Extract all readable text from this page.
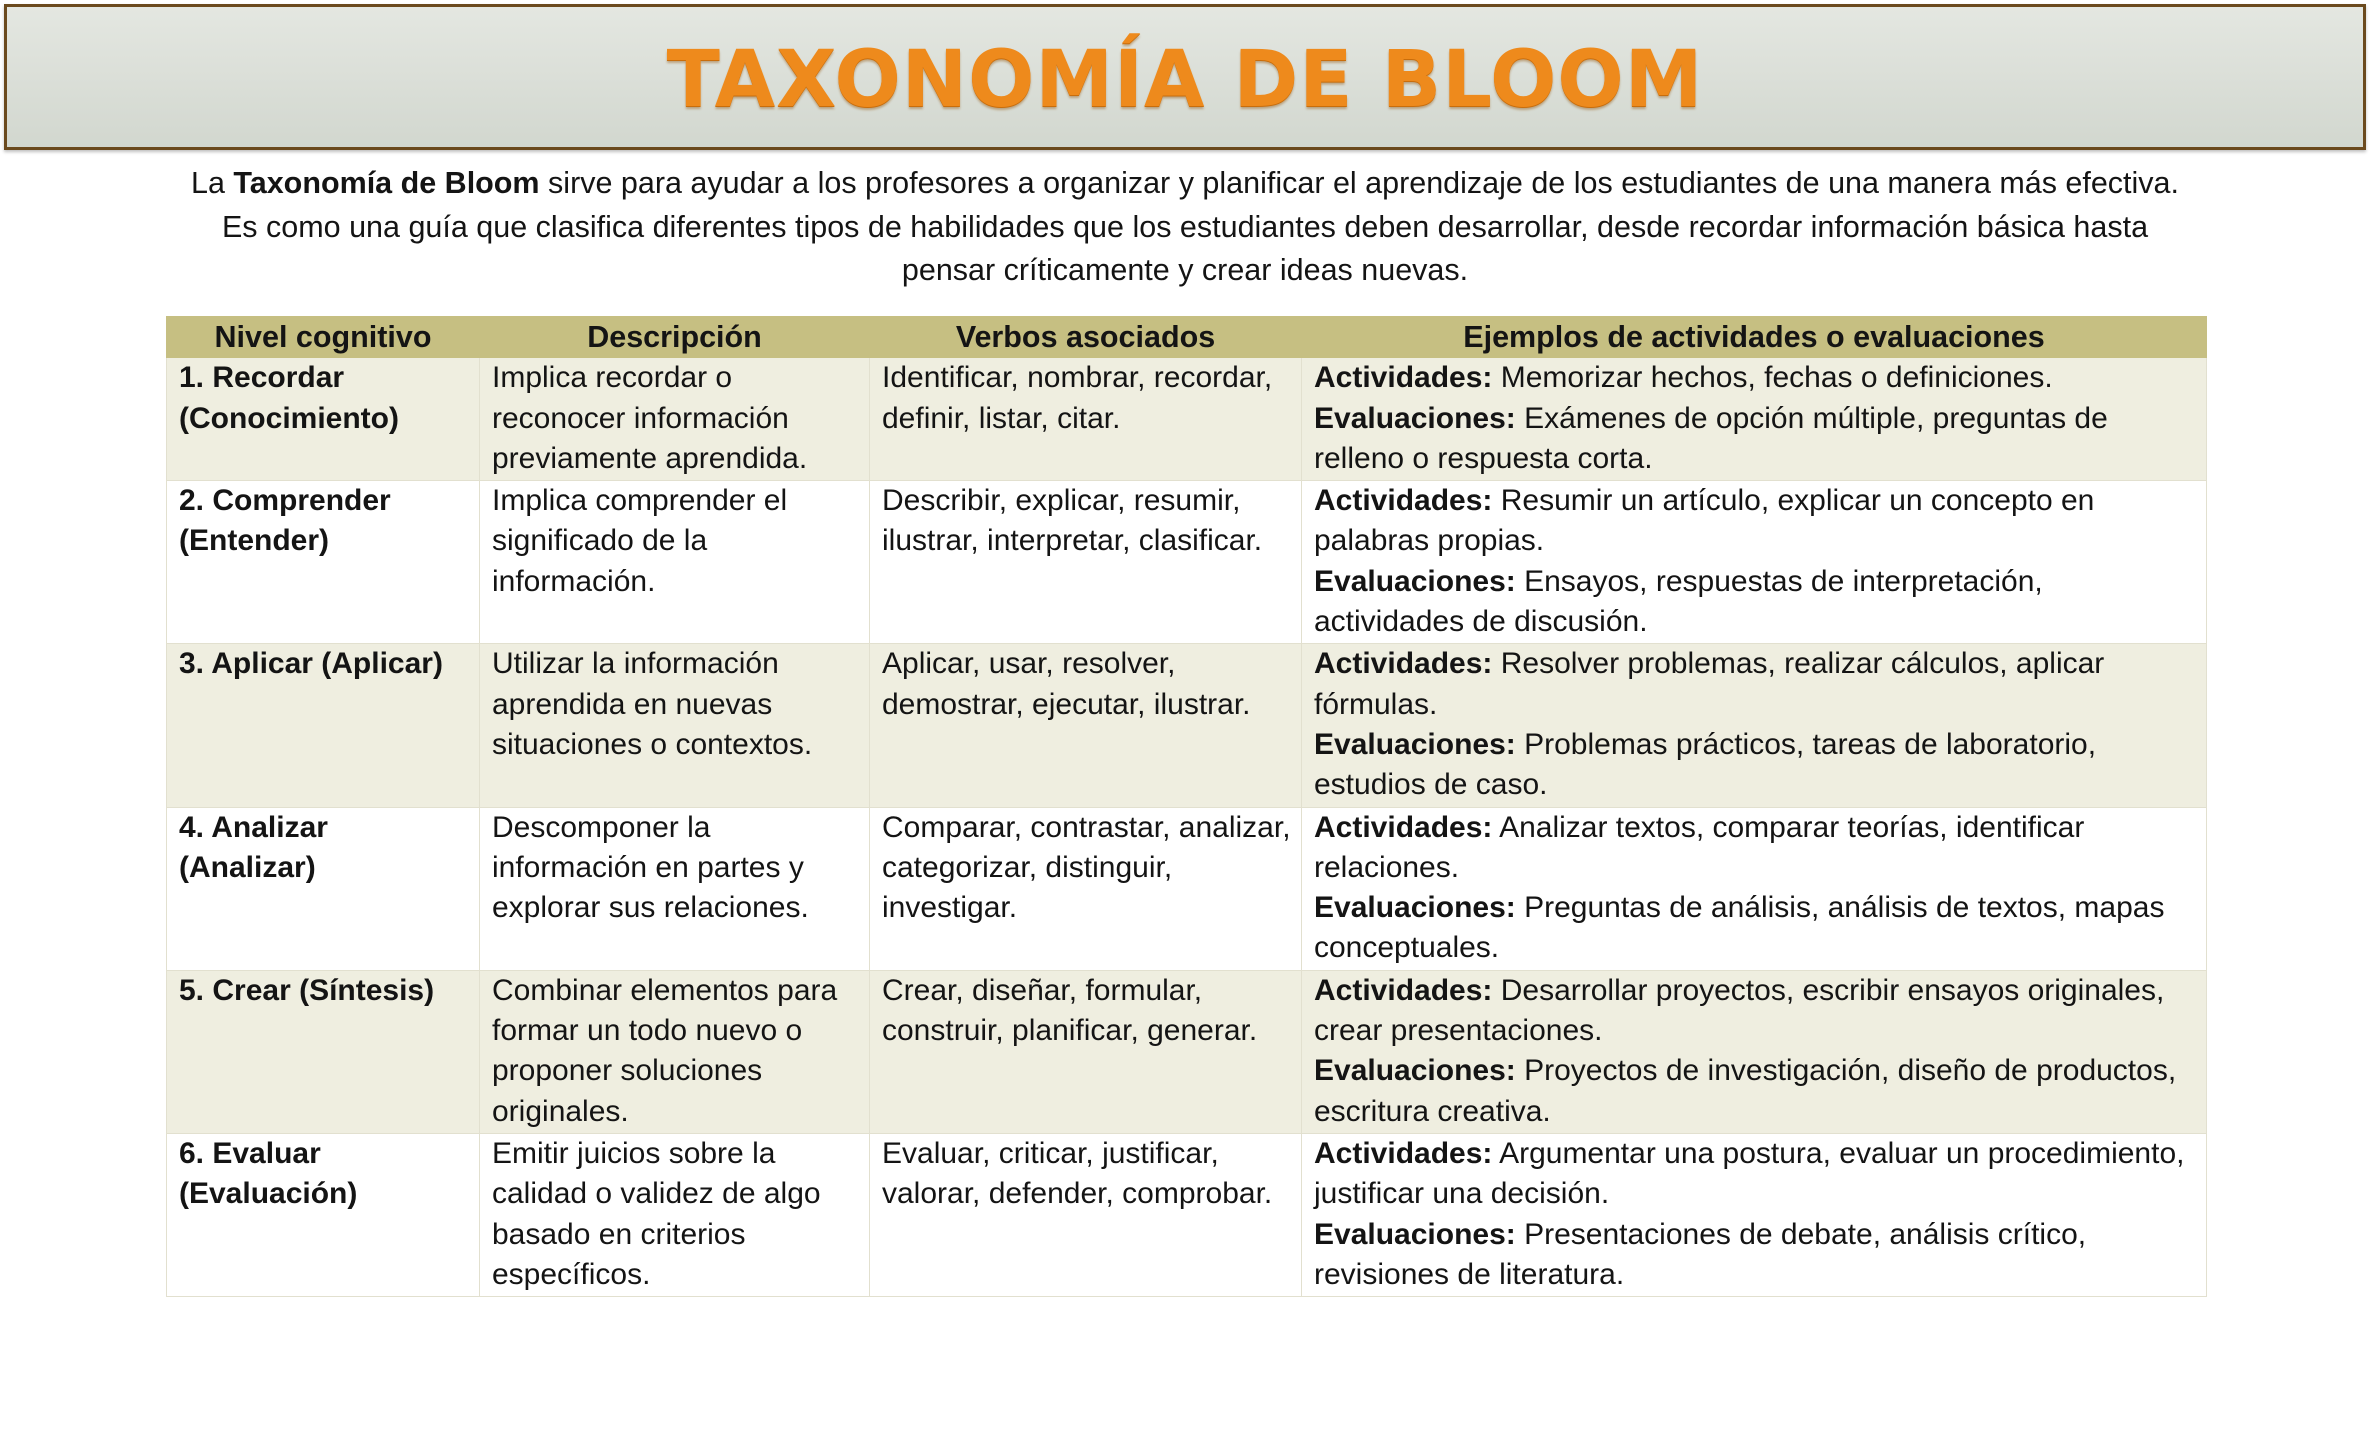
TAXONOMÍA DE BLOOM
La Taxonomía de Bloom sirve para ayudar a los profesores a organizar y planificar el aprendizaje de los estudiantes de una manera más efectiva. Es como una guía que clasifica diferentes tipos de habilidades que los estudiantes deben desarrollar, desde recordar información básica hasta pensar críticamente y crear ideas nuevas.
Nivel cognitivo	Descripción	Verbos asociados	Ejemplos de actividades o evaluaciones
1. Recordar (Conocimiento)	Implica recordar o reconocer información previamente aprendida.	Identificar, nombrar, recordar, definir, listar, citar.	Actividades: Memorizar hechos, fechas o definiciones.
Evaluaciones: Exámenes de opción múltiple, preguntas de relleno o respuesta corta.

2. Comprender (Entender)	Implica comprender el significado de la información.	Describir, explicar, resumir, ilustrar, interpretar, clasificar.	Actividades: Resumir un artículo, explicar un concepto en palabras propias.
Evaluaciones: Ensayos, respuestas de interpretación, actividades de discusión.

3. Aplicar (Aplicar)	Utilizar la información aprendida en nuevas situaciones o contextos.	Aplicar, usar, resolver, demostrar, ejecutar, ilustrar.	Actividades: Resolver problemas, realizar cálculos, aplicar fórmulas.
Evaluaciones: Problemas prácticos, tareas de laboratorio, estudios de caso.

4. Analizar (Analizar)	Descomponer la información en partes y explorar sus relaciones.	Comparar, contrastar, analizar, categorizar, distinguir, investigar.	Actividades: Analizar textos, comparar teorías, identificar relaciones.
Evaluaciones: Preguntas de análisis, análisis de textos, mapas conceptuales.

5. Crear (Síntesis)	Combinar elementos para formar un todo nuevo o proponer soluciones originales.	Crear, diseñar, formular, construir, planificar, generar.	Actividades: Desarrollar proyectos, escribir ensayos originales, crear presentaciones.
Evaluaciones: Proyectos de investigación, diseño de productos, escritura creativa.

6. Evaluar (Evaluación)	Emitir juicios sobre la calidad o validez de algo basado en criterios específicos.	Evaluar, criticar, justificar, valorar, defender, comprobar.	Actividades: Argumentar una postura, evaluar un procedimiento, justificar una decisión.
Evaluaciones: Presentaciones de debate, análisis crítico, revisiones de literatura.
